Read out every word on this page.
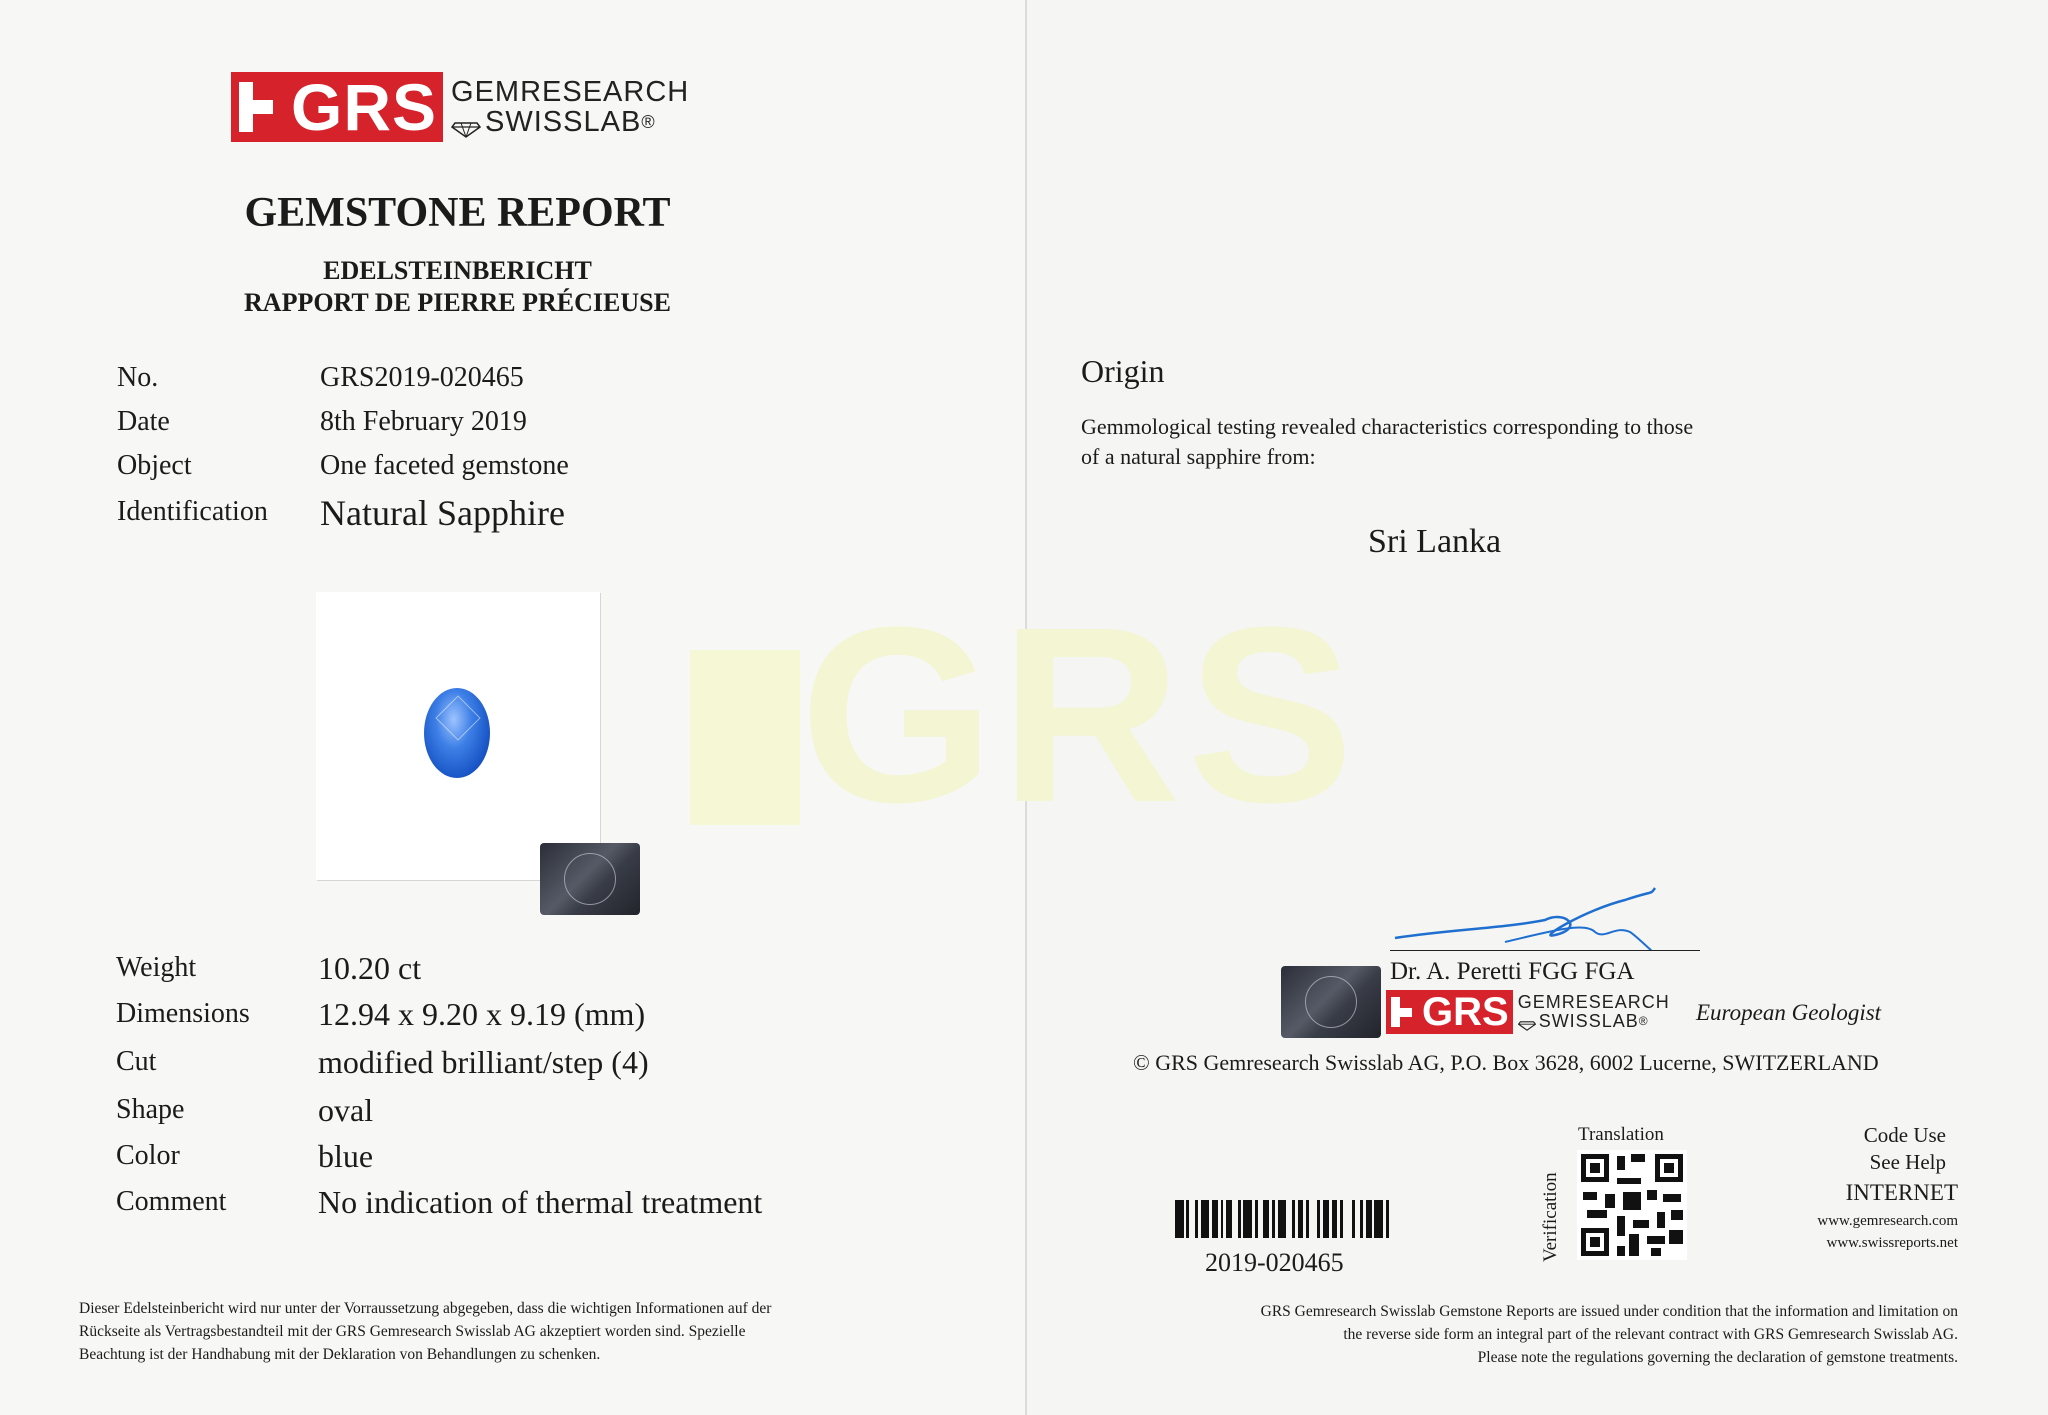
GRS
GRS GEMRESEARCH
SWISSLAB ®
GEMSTONE REPORT
EDELSTEINBERICHT
RAPPORT DE PIERRE PRÉCIEUSE
No.	GRS2019-020465
Date	8th February 2019
Object	One faceted gemstone
Identification Natural Sapphire
Weight	10.20 ct
Dimensions 12.94 x 9.20 x 9.19 (mm)
Cut	modified brilliant/step (4)
Shape	oval
Color	blue
Comment	No indication of thermal treatment
Dieser Edelsteinbericht wird nur unter der Vorraussetzung abgegeben, dass die wichtigen Informationen auf der
Rückseite als Vertragsbestandteil mit der GRS Gemresearch Swisslab AG akzeptiert worden sind. Spezielle
Beachtung ist der Handhabung mit der Deklaration von Behandlungen zu schenken.
Origin
Gemmological testing revealed characteristics corresponding to those
of a natural sapphire from:
Sri Lanka
Dr. A. Peretti FGG FGA
GRS GEMRESEARCH
SWISSLAB ® European Geologist
© GRS Gemresearch Swisslab AG, P.O. Box 3628, 6002 Lucerne, SWITZERLAND
Translation
Verification
2019-020465
Code Use
See Help
INTERNET
www.gemresearch.com
www.swissreports.net
GRS Gemresearch Swisslab Gemstone Reports are issued under condition that the information and limitation on
the reverse side form an integral part of the relevant contract with GRS Gemresearch Swisslab AG.
Please note the regulations governing the declaration of gemstone treatments.
